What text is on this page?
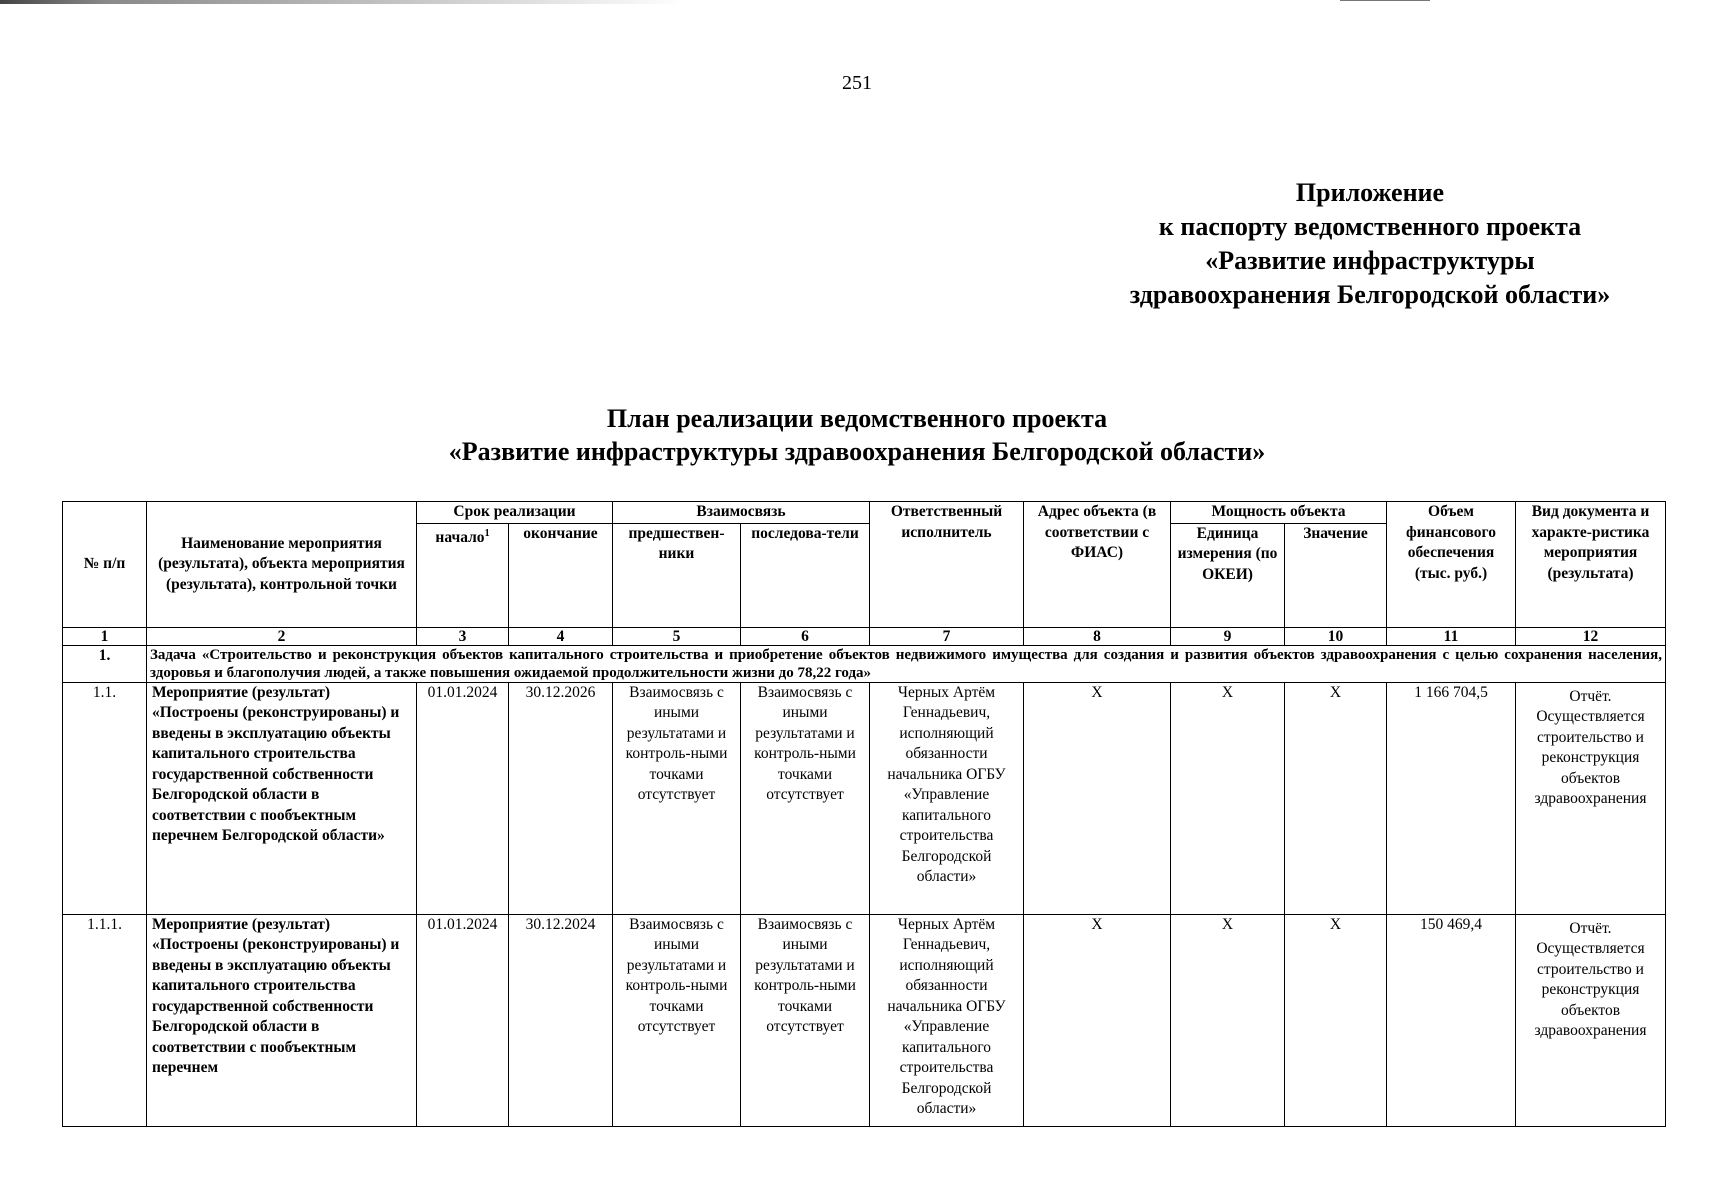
251
Приложение
к паспорту ведомственного проекта
«Развитие инфраструктуры
здравоохранения Белгородской области»
План реализации ведомственного проекта
«Развитие инфраструктуры здравоохранения Белгородской области»
№ п/п	Наименование мероприятия (результата), объекта мероприятия (результата), контрольной точки	Срок реализации		Взаимосвязь		Ответственный исполнитель	Адрес объекта (в соответствии с ФИАС)	Мощность объекта		Объем финансового обеспечения (тыс. руб.)	Вид документа и характе-ристика мероприятия (результата)
		начало$^1$	окончание	предшествен-ники	последова-тели			Единица измерения (по ОКЕИ)	Значение		
1	2	3	4	5	6	7	8	9	10	11	12
1.	Задача «Строительство и реконструкция объектов капитального строительства и приобретение объектов недвижимого имущества для создания и развития объектов здравоохранения с целью сохранения населения, здоровья и благополучия людей, а также повышения ожидаемой продолжительности жизни до 78,22 года»										
1.1.	Мероприятие (результат) «Построены (реконструированы) и введены в эксплуатацию объекты капитального строительства государственной собственности Белгородской области в соответствии с пообъектным перечнем Белгородской области»	01.01.2024	30.12.2026	Взаимосвязь с иными результатами и контроль-ными точками отсутствует	Взаимосвязь с иными результатами и контроль-ными точками отсутствует	Черных Артём Геннадьевич, исполняющий обязанности начальника ОГБУ «Управление капитального строительства Белгородской области»	Х	Х	Х	1 166 704,5	Отчёт. Осуществляется строительство и реконструкция объектов здравоохранения
1.1.1.	Мероприятие (результат) «Построены (реконструированы) и введены в эксплуатацию объекты капитального строительства государственной собственности Белгородской области в соответствии с пообъектным перечнем	01.01.2024	30.12.2024	Взаимосвязь с иными результатами и контроль-ными точками отсутствует	Взаимосвязь с иными результатами и контроль-ными точками отсутствует	Черных Артём Геннадьевич, исполняющий обязанности начальника ОГБУ «Управление капитального строительства Белгородской области»	Х	Х	Х	150 469,4	Отчёт. Осуществляется строительство и реконструкция объектов здравоохранения
